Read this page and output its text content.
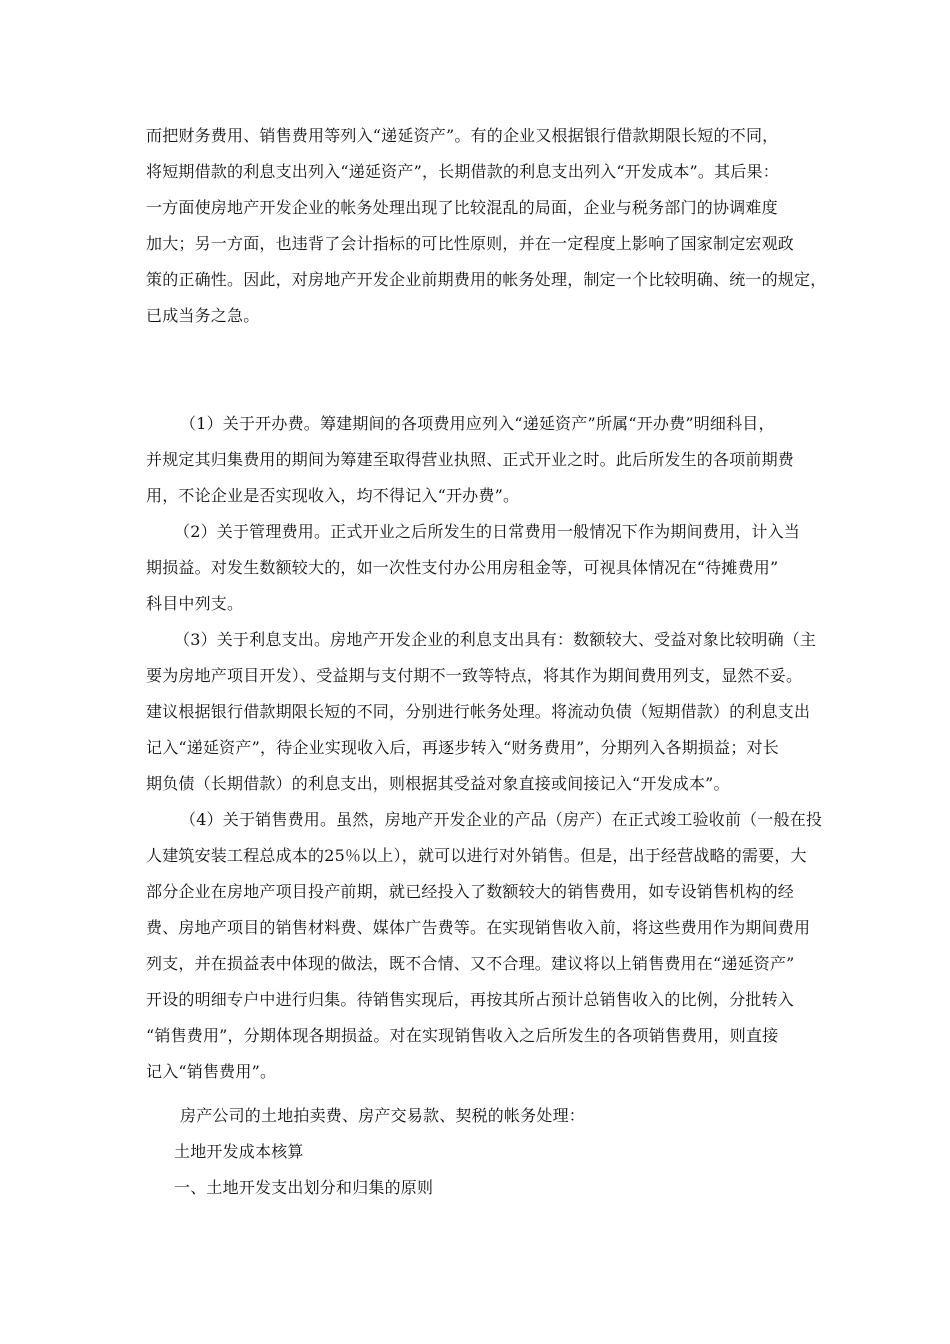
而把财务费用、销售费用等列入“递延资产”。有的企业又根据银行借款期限长短的不同，
将短期借款的利息支出列入“递延资产”，长期借款的利息支出列入“开发成本”。其后果：
一方面使房地产开发企业的帐务处理出现了比较混乱的局面，企业与税务部门的协调难度
加大；另一方面，也违背了会计指标的可比性原则，并在一定程度上影响了国家制定宏观政
策的正确性。因此，对房地产开发企业前期费用的帐务处理，制定一个比较明确、统一的规定，
已成当务之急。
（1）关于开办费。筹建期间的各项费用应列入“递延资产”所属“开办费”明细科目，
并规定其归集费用的期间为筹建至取得营业执照、正式开业之时。此后所发生的各项前期费
用，不论企业是否实现收入，均不得记入“开办费”。
（2）关于管理费用。正式开业之后所发生的日常费用一般情况下作为期间费用，计入当
期损益。对发生数额较大的，如一次性支付办公用房租金等，可视具体情况在“待摊费用”
科目中列支。
（3）关于利息支出。房地产开发企业的利息支出具有：数额较大、受益对象比较明确（主
要为房地产项目开发）、受益期与支付期不一致等特点，将其作为期间费用列支，显然不妥。
建议根据银行借款期限长短的不同，分别进行帐务处理。将流动负债（短期借款）的利息支出
记入“递延资产”，待企业实现收入后，再逐步转入“财务费用”，分期列入各期损益；对长
期负债（长期借款）的利息支出，则根据其受益对象直接或间接记入“开发成本”。
（4）关于销售费用。虽然，房地产开发企业的产品（房产）在正式竣工验收前（一般在投
人建筑安装工程总成本的25％以上），就可以进行对外销售。但是，出于经营战略的需要，大
部分企业在房地产项目投产前期，就已经投入了数额较大的销售费用，如专设销售机构的经
费、房地产项目的销售材料费、媒体广告费等。在实现销售收入前，将这些费用作为期间费用
列支，并在损益表中体现的做法，既不合情、又不合理。建议将以上销售费用在“递延资产”
开设的明细专户中进行归集。待销售实现后，再按其所占预计总销售收入的比例，分批转入
“销售费用”，分期体现各期损益。对在实现销售收入之后所发生的各项销售费用，则直接
记入“销售费用”。
房产公司的土地拍卖费、房产交易款、契税的帐务处理：
土地开发成本核算
一、土地开发支出划分和归集的原则
